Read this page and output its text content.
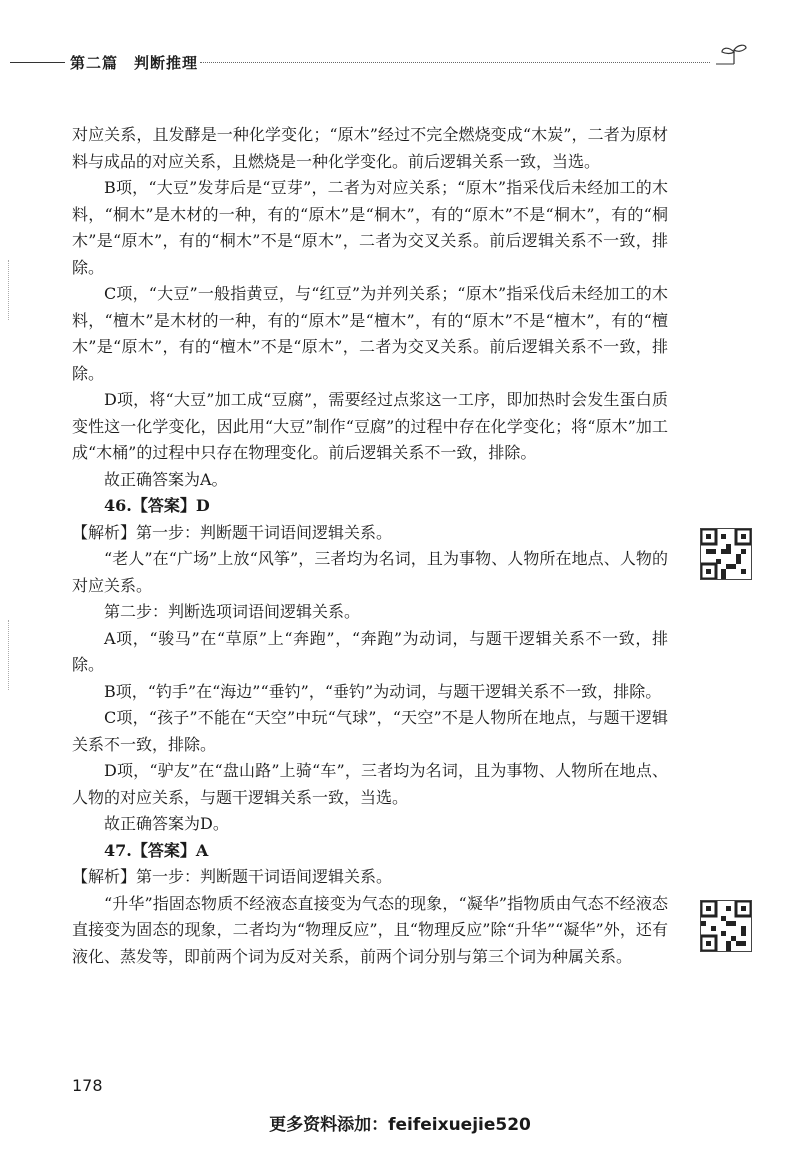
第二篇　判断推理

对应关系，且发酵是一种化学变化；“原木”经过不完全燃烧变成“木炭”，二者为原材料与成品的对应关系，且燃烧是一种化学变化。前后逻辑关系一致，当选。

B项，“大豆”发芽后是“豆芽”，二者为对应关系；“原木”指采伐后未经加工的木料，“桐木”是木材的一种，有的“原木”是“桐木”，有的“原木”不是“桐木”，有的“桐木”是“原木”，有的“桐木”不是“原木”，二者为交叉关系。前后逻辑关系不一致，排除。

C项，“大豆”一般指黄豆，与“红豆”为并列关系；“原木”指采伐后未经加工的木料，“檀木”是木材的一种，有的“原木”是“檀木”，有的“原木”不是“檀木”，有的“檀木”是“原木”，有的“檀木”不是“原木”，二者为交叉关系。前后逻辑关系不一致，排除。

D项，将“大豆”加工成“豆腐”，需要经过点浆这一工序，即加热时会发生蛋白质变性这一化学变化，因此用“大豆”制作“豆腐”的过程中存在化学变化；将“原木”加工成“木桶”的过程中只存在物理变化。前后逻辑关系不一致，排除。

故正确答案为A。

46.【答案】D

【解析】第一步：判断题干词语间逻辑关系。

“老人”在“广场”上放“风筝”，三者均为名词，且为事物、人物所在地点、人物的对应关系。

第二步：判断选项词语间逻辑关系。

A项，“骏马”在“草原”上“奔跑”，“奔跑”为动词，与题干逻辑关系不一致，排除。

B项，“钓手”在“海边”“垂钓”，“垂钓”为动词，与题干逻辑关系不一致，排除。

C项，“孩子”不能在“天空”中玩“气球”，“天空”不是人物所在地点，与题干逻辑关系不一致，排除。

D项，“驴友”在“盘山路”上骑“车”，三者均为名词，且为事物、人物所在地点、人物的对应关系，与题干逻辑关系一致，当选。

故正确答案为D。

47.【答案】A

【解析】第一步：判断题干词语间逻辑关系。

“升华”指固态物质不经液态直接变为气态的现象，“凝华”指物质由气态不经液态直接变为固态的现象，二者均为“物理反应”，且“物理反应”除“升华”“凝华”外，还有液化、蒸发等，即前两个词为反对关系，前两个词分别与第三个词为种属关系。

178
更多资料添加：feifeixuejie520
